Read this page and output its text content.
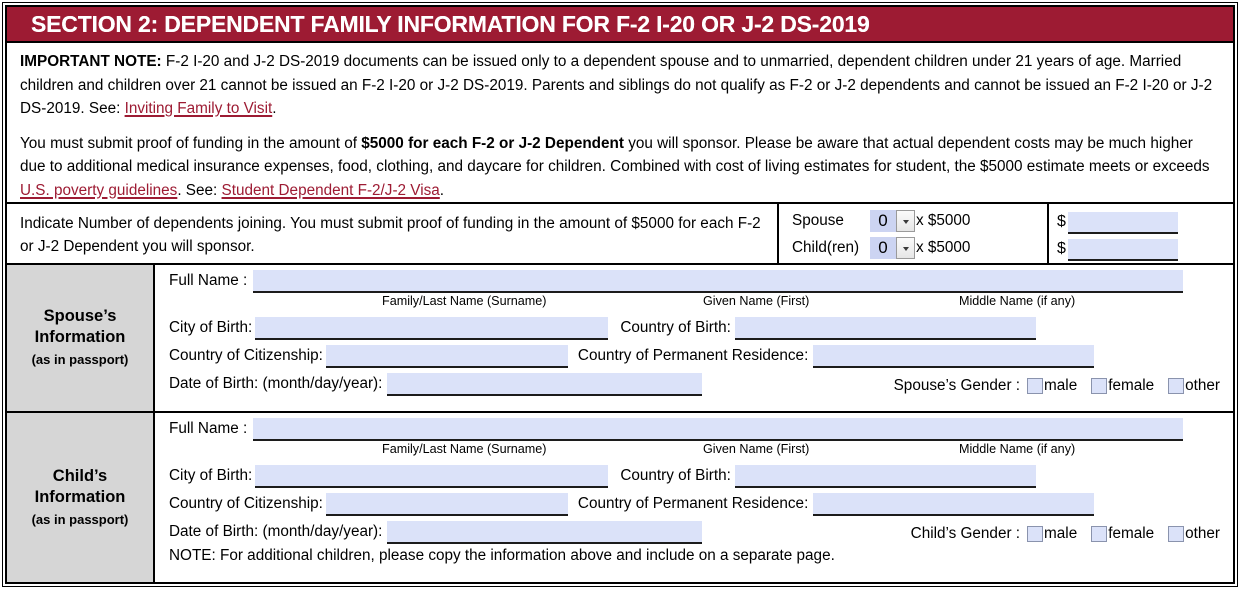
SECTION 2: DEPENDENT FAMILY INFORMATION FOR F-2 I-20 OR J-2 DS-2019

IMPORTANT NOTE: F-2 I-20 and J-2 DS-2019 documents can be issued only to a dependent spouse and to unmarried, dependent children under 21 years of age. Married children and children over 21 cannot be issued an F-2 I-20 or J-2 DS-2019. Parents and siblings do not qualify as F-2 or J-2 dependents and cannot be issued an F-2 I-20 or J-2 DS-2019. See: Inviting Family to Visit.

You must submit proof of funding in the amount of $5000 for each F-2 or J-2 Dependent you will sponsor. Please be aware that actual dependent costs may be much higher due to additional medical insurance expenses, food, clothing, and daycare for children. Combined with cost of living estimates for student, the $5000 estimate meets or exceeds U.S. poverty guidelines. See: Student Dependent F-2/J-2 Visa.

Indicate Number of dependents joining. You must submit proof of funding in the amount of $5000 for each F-2 or J-2 Dependent you will sponsor.
Spouse	0	x $5000
Child(ren)	0	x $5000
$
$
Spouse’s
Information
(as in passport)
Full Name :
Family/Last Name (Surname)	Given Name (First)	Middle Name (if any)
City of Birth:	Country of Birth:
Country of Citizenship:	Country of Permanent Residence:
Date of Birth: (month/day/year):	Spouse’s Gender : male female other
Child’s
Information
(as in passport)
Full Name :
Family/Last Name (Surname)	Given Name (First)	Middle Name (if any)
City of Birth:	Country of Birth:
Country of Citizenship:	Country of Permanent Residence:
Date of Birth: (month/day/year):	Child’s Gender : male female other
NOTE: For additional children, please copy the information above and include on a separate page.
